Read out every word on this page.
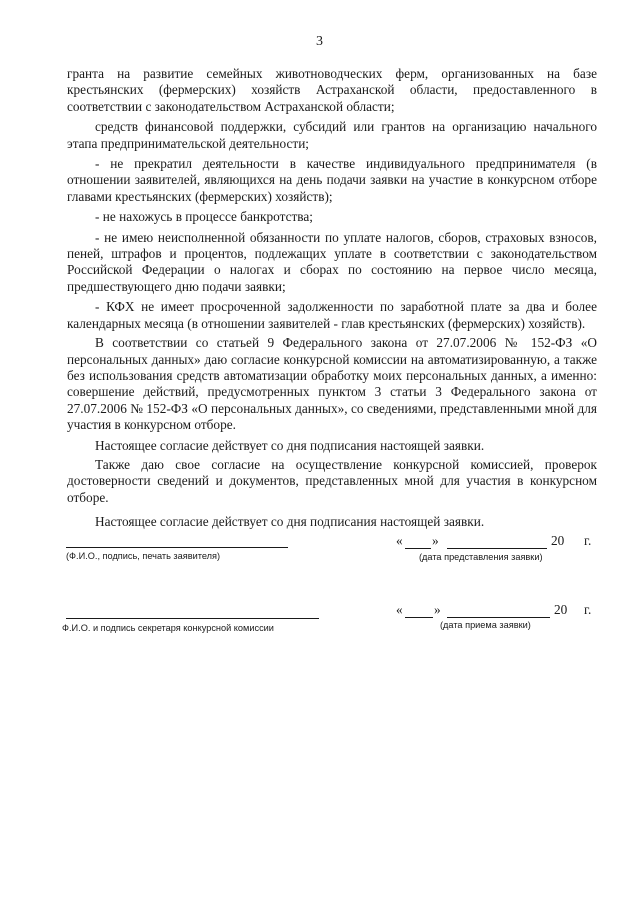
3

гранта на развитие семейных животноводческих ферм, организованных на базе крестьянских (фермерских) хозяйств Астраханской области, предоставленного в соответствии с законодательством Астраханской области;

средств финансовой поддержки, субсидий или грантов на организацию начального этапа предпринимательской деятельности;

- не прекратил деятельности в качестве индивидуального предпринимателя (в отношении заявителей, являющихся на день подачи заявки на участие в конкурсном отборе главами крестьянских (фермерских) хозяйств);

- не нахожусь в процессе банкротства;

- не имею неисполненной обязанности по уплате налогов, сборов, страховых взносов, пеней, штрафов и процентов, подлежащих уплате в соответствии с законодательством Российской Федерации о налогах и сборах по состоянию на первое число месяца, предшествующего дню подачи заявки;

- КФХ не имеет просроченной задолженности по заработной плате за два и более календарных месяца (в отношении заявителей - глав крестьянских (фермерских) хозяйств).

В соответствии со статьей 9 Федерального закона от 27.07.2006 № 152-ФЗ «О персональных данных» даю согласие конкурсной комиссии на автоматизированную, а также без использования средств автоматизации обработку моих персональных данных, а именно: совершение действий, предусмотренных пунктом 3 статьи 3 Федерального закона от 27.07.2006 № 152-ФЗ «О персональных данных», со сведениями, представленными мной для участия в конкурсном отборе.

Настоящее согласие действует со дня подписания настоящей заявки.

Также даю свое согласие на осуществление конкурсной комиссией, проверок достоверности сведений и документов, представленных мной для участия в конкурсном отборе.

Настоящее согласие действует со дня подписания настоящей заявки.

(Ф.И.О., подпись, печать заявителя)
« »	20 г.
(дата представления заявки)
Ф.И.О. и подпись секретаря конкурсной комиссии
« »	20 г.
(дата приема заявки)
